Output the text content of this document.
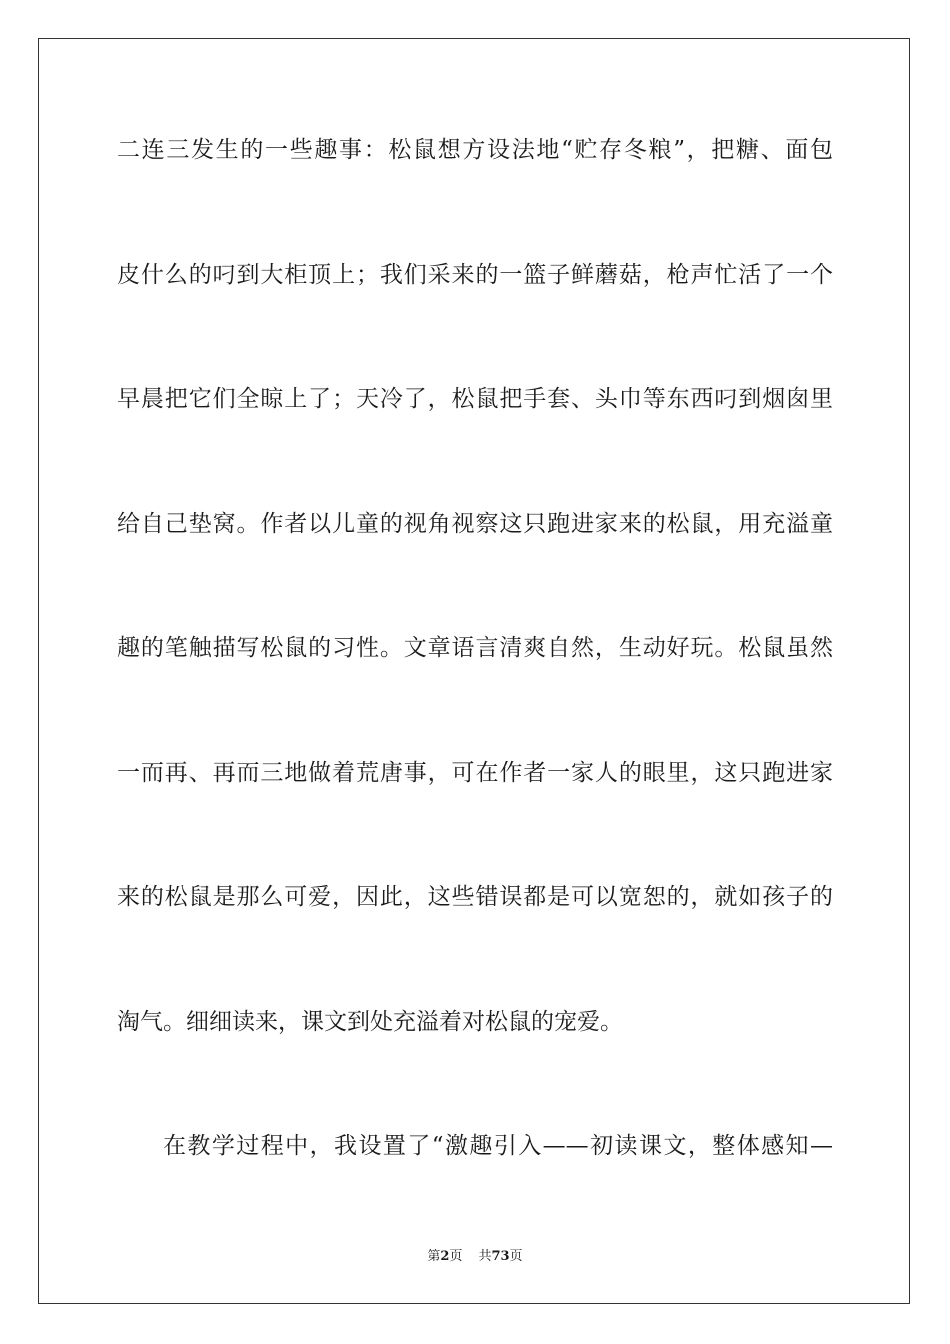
二连三发生的一些趣事：松鼠想方设法地“贮存冬粮”，把糖、面包
皮什么的叼到大柜顶上；我们采来的一篮子鲜蘑菇，枪声忙活了一个
早晨把它们全晾上了；天冷了，松鼠把手套、头巾等东西叼到烟囱里
给自己垫窝。作者以儿童的视角视察这只跑进家来的松鼠，用充溢童
趣的笔触描写松鼠的习性。文章语言清爽自然，生动好玩。松鼠虽然
一而再、再而三地做着荒唐事，可在作者一家人的眼里，这只跑进家
来的松鼠是那么可爱，因此，这些错误都是可以宽恕的，就如孩子的
淘气。细细读来，课文到处充溢着对松鼠的宠爱。
在教学过程中，我设置了“激趣引入——初读课文，整体感知—
第2页 共73页
